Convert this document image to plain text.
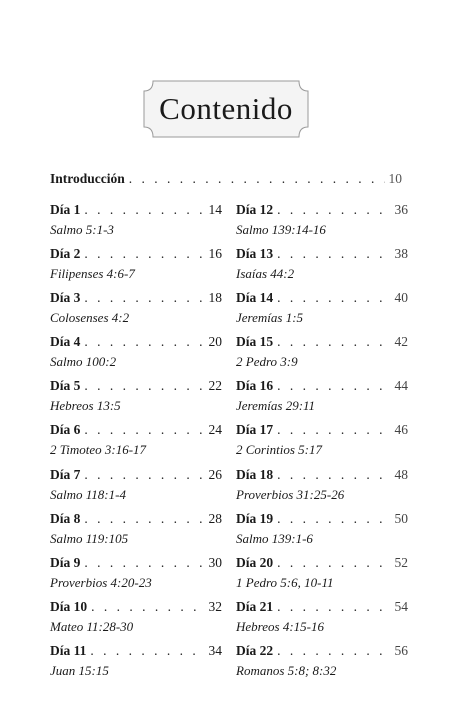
Contenido
Introducción . . .	10
Día 1 . . .	14
Salmo 5:1-3
Día 2 . . .	16
Filipenses 4:6-7
Día 3 . . .	18
Colosenses 4:2
Día 4 . . .	20
Salmo 100:2
Día 5 . . .	22
Hebreos 13:5
Día 6 . . .	24
2 Timoteo 3:16-17
Día 7 . . .	26
Salmo 118:1-4
Día 8 . . .	28
Salmo 119:105
Día 9 . . .	30
Proverbios 4:20-23
Día 10 . . .	32
Mateo 11:28-30
Día 11 . . .	34
Juan 15:15
Día 12 . . .	36
Salmo 139:14-16
Día 13 . . .	38
Isaías 44:2
Día 14 . . .	40
Jeremías 1:5
Día 15 . . .	42
2 Pedro 3:9
Día 16 . . .	44
Jeremías 29:11
Día 17 . . .	46
2 Corintios 5:17
Día 18 . . .	48
Proverbios 31:25-26
Día 19 . . .	50
Salmo 139:1-6
Día 20 . . .	52
1 Pedro 5:6, 10-11
Día 21 . . .	54
Hebreos 4:15-16
Día 22 . . .	56
Romanos 5:8; 8:32
